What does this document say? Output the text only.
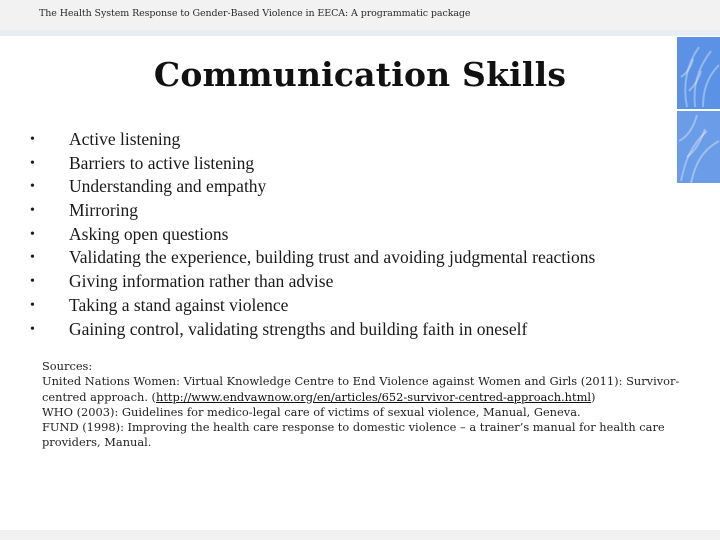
The Health System Response to Gender-Based Violence in EECA: A programmatic package
Communication Skills
• Active listening
• Barriers to active listening
• Understanding and empathy
• Mirroring
• Asking open questions
• Validating the experience, building trust and avoiding judgmental reactions
• Giving information rather than advise
• Taking a stand against violence
• Gaining control, validating strengths and building faith in oneself
Sources:
United Nations Women: Virtual Knowledge Centre to End Violence against Women and Girls (2011): Survivor-centred approach. (http://www.endvawnow.org/en/articles/652-survivor-centred-approach.html)
WHO (2003): Guidelines for medico-legal care of victims of sexual violence, Manual, Geneva.
FUND (1998): Improving the health care response to domestic violence – a trainer’s manual for health care providers, Manual.
